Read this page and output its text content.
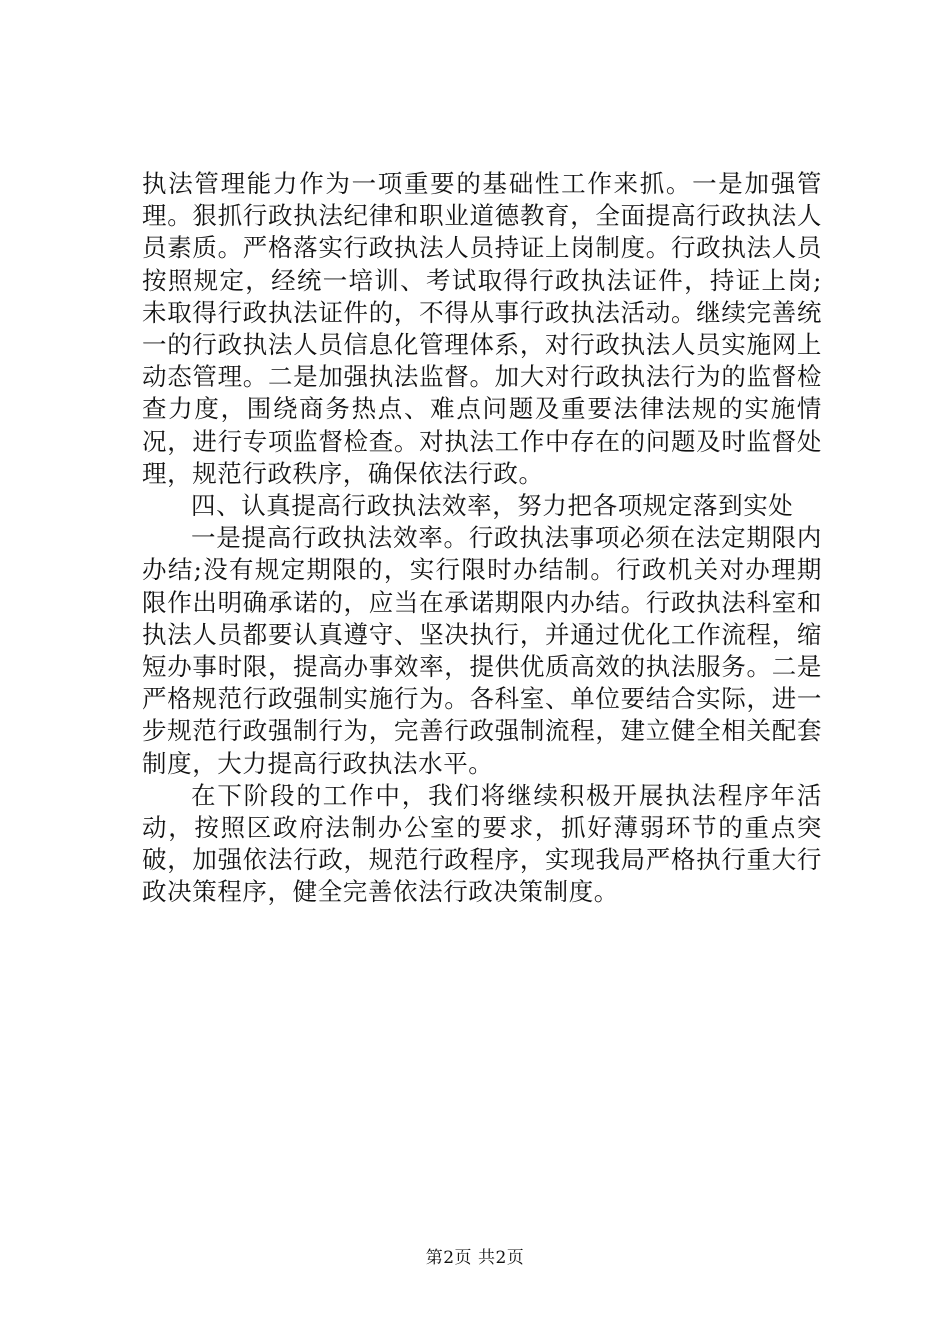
执法管理能力作为一项重要的基础性工作来抓。一是加强管理。狠抓行政执法纪律和职业道德教育，全面提高行政执法人员素质。严格落实行政执法人员持证上岗制度。行政执法人员按照规定，经统一培训、考试取得行政执法证件，持证上岗;未取得行政执法证件的，不得从事行政执法活动。继续完善统一的行政执法人员信息化管理体系，对行政执法人员实施网上动态管理。二是加强执法监督。加大对行政执法行为的监督检查力度，围绕商务热点、难点问题及重要法律法规的实施情况，进行专项监督检查。对执法工作中存在的问题及时监督处理，规范行政秩序，确保依法行政。

四、认真提高行政执法效率，努力把各项规定落到实处

一是提高行政执法效率。行政执法事项必须在法定期限内办结;没有规定期限的，实行限时办结制。行政机关对办理期限作出明确承诺的，应当在承诺期限内办结。行政执法科室和执法人员都要认真遵守、坚决执行，并通过优化工作流程，缩短办事时限，提高办事效率，提供优质高效的执法服务。二是严格规范行政强制实施行为。各科室、单位要结合实际，进一步规范行政强制行为，完善行政强制流程，建立健全相关配套制度，大力提高行政执法水平。

在下阶段的工作中，我们将继续积极开展执法程序年活动，按照区政府法制办公室的要求，抓好薄弱环节的重点突破，加强依法行政，规范行政程序，实现我局严格执行重大行政决策程序，健全完善依法行政决策制度。

第2页 共2页
